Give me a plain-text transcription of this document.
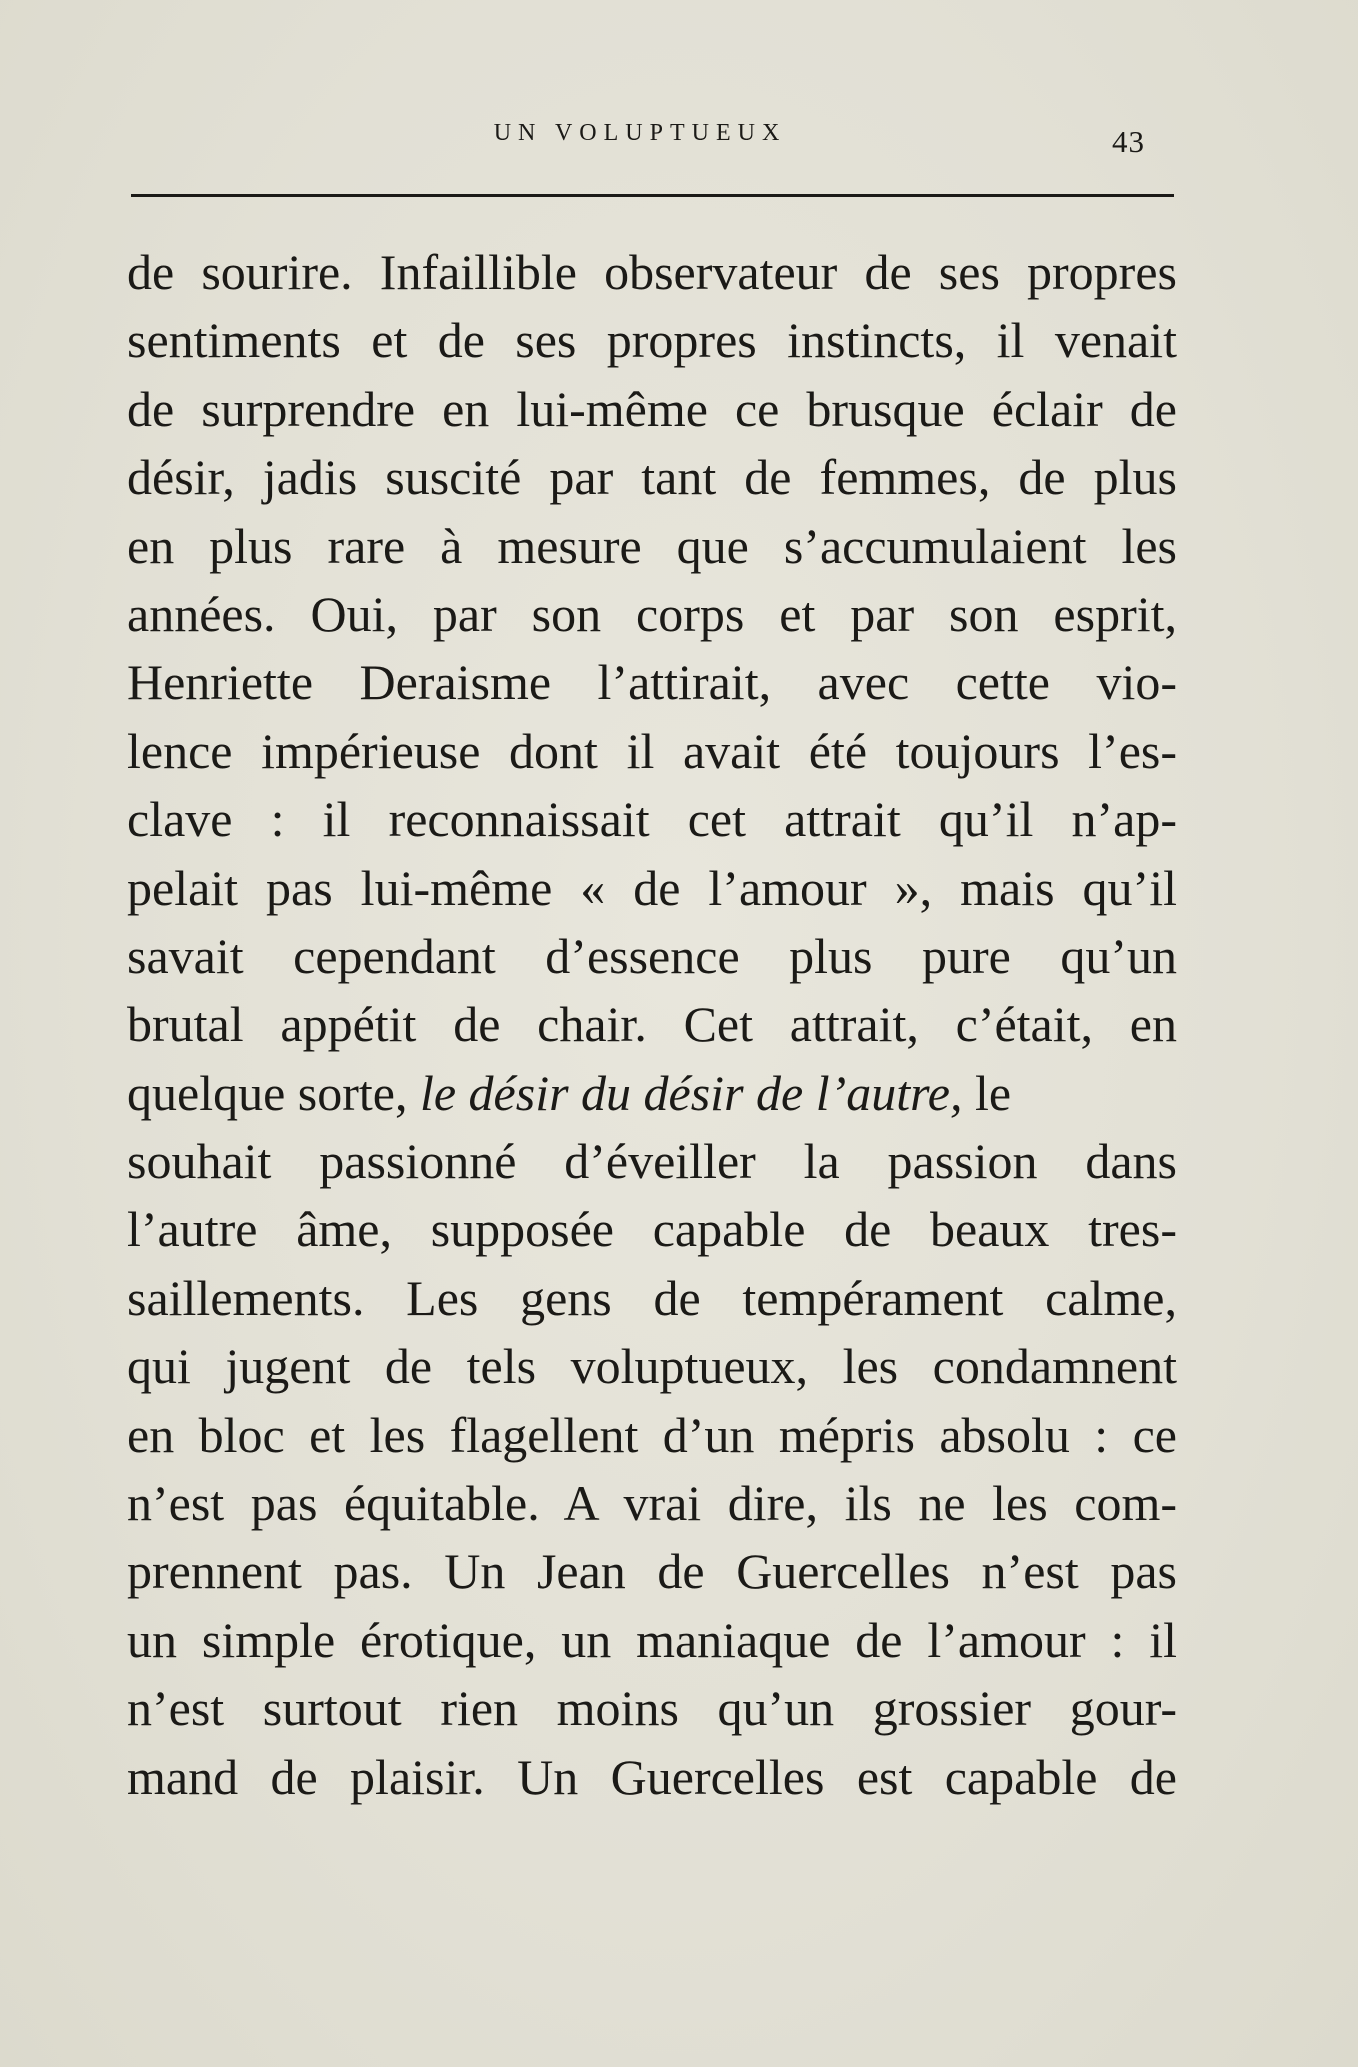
UN VOLUPTUEUX	43
de sourire. Infaillible observateur de ses propres
sentiments et de ses propres instincts, il venait
de surprendre en lui-même ce brusque éclair de
désir, jadis suscité par tant de femmes, de plus
en plus rare à mesure que s’accumulaient les
années. Oui, par son corps et par son esprit,
Henriette Deraisme l’attirait, avec cette vio-
lence impérieuse dont il avait été toujours l’es-
clave : il reconnaissait cet attrait qu’il n’ap-
pelait pas lui-même « de l’amour », mais qu’il
savait cependant d’essence plus pure qu’un
brutal appétit de chair. Cet attrait, c’était, en
quelque sorte, le désir du désir de l’autre, le
souhait passionné d’éveiller la passion dans
l’autre âme, supposée capable de beaux tres-
saillements. Les gens de tempérament calme,
qui jugent de tels voluptueux, les condamnent
en bloc et les flagellent d’un mépris absolu : ce
n’est pas équitable. A vrai dire, ils ne les com-
prennent pas. Un Jean de Guercelles n’est pas
un simple érotique, un maniaque de l’amour : il
n’est surtout rien moins qu’un grossier gour-
mand de plaisir. Un Guercelles est capable de
